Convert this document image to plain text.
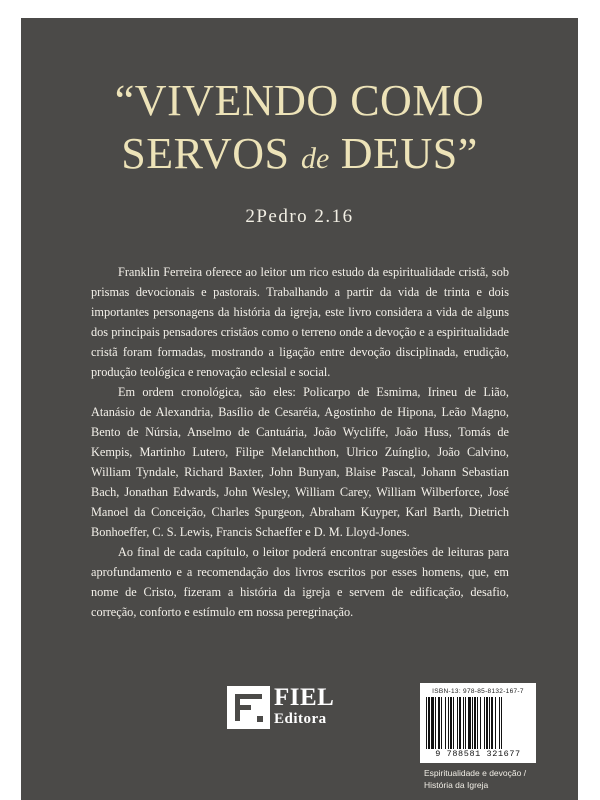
“VIVENDO COMO
SERVOS de DEUS”
2Pedro 2.16

Franklin Ferreira oferece ao leitor um rico estudo da espiritualidade cristã, sob prismas devocionais e pastorais. Trabalhando a partir da vida de trinta e dois importantes personagens da história da igreja, este livro considera a vida de alguns dos principais pensadores cristãos como o terreno onde a devoção e a espiritualidade cristã foram formadas, mostrando a ligação entre devoção disciplinada, erudição, produção teológica e renovação eclesial e social.

Em ordem cronológica, são eles: Policarpo de Esmirna, Irineu de Lião, Atanásio de Alexandria, Basílio de Cesaréia, Agostinho de Hipona, Leão Magno, Bento de Núrsia, Anselmo de Cantuária, João Wycliffe, João Huss, Tomás de Kempis, Martinho Lutero, Filipe Melanchthon, Ulrico Zuínglio, João Calvino, William Tyndale, Richard Baxter, John Bunyan, Blaise Pascal, Johann Sebastian Bach, Jonathan Edwards, John Wesley, William Carey, William Wilberforce, José Manoel da Conceição, Charles Spurgeon, Abraham Kuyper, Karl Barth, Dietrich Bonhoeffer, C. S. Lewis, Francis Schaeffer e D. M. Lloyd-Jones.

Ao final de cada capítulo, o leitor poderá encontrar sugestões de leituras para aprofundamento e a recomendação dos livros escritos por esses homens, que, em nome de Cristo, fizeram a história da igreja e servem de edificação, desafio, correção, conforto e estímulo em nossa peregrinação.

FIEL
Editora
ISBN-13: 978-85-8132-167-7
9 788581 321677
Espiritualidade e devoção /
História da Igreja
